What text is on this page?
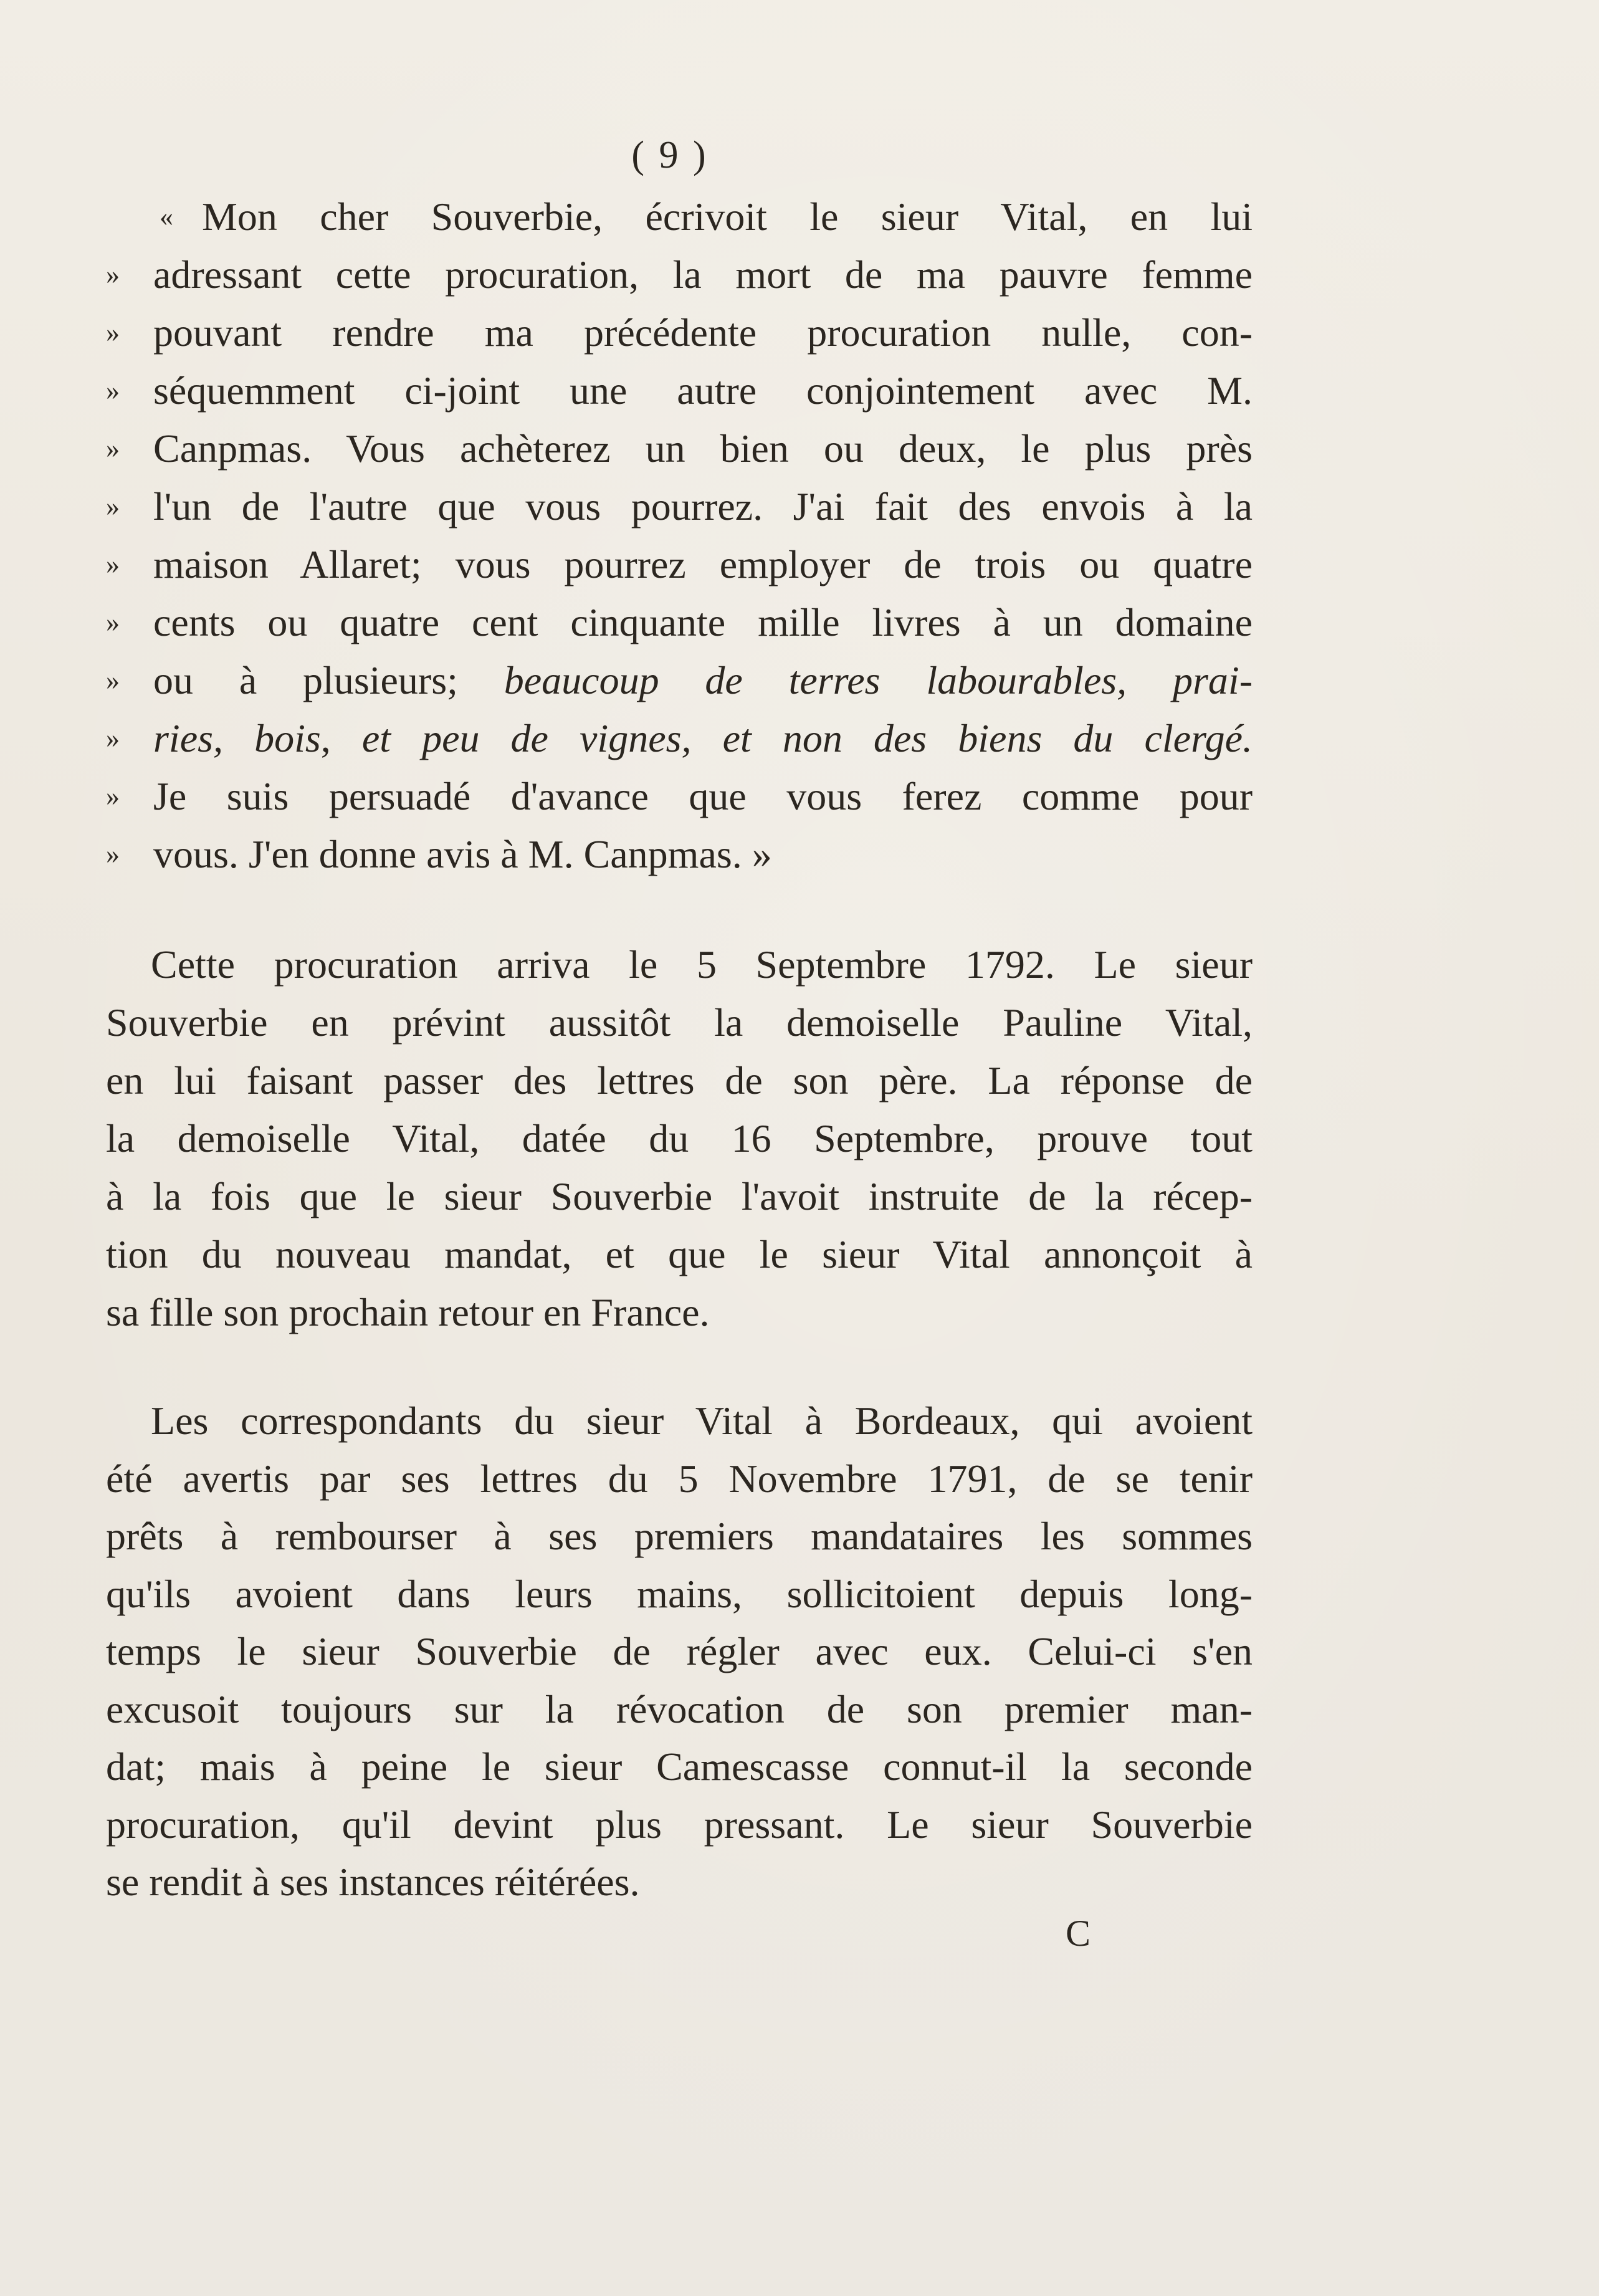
( 9 )
« Mon cher Souverbie, écrivoit le sieur Vital, en lui
» adressant cette procuration, la mort de ma pauvre femme
» pouvant rendre ma précédente procuration nulle, con-
» séquemment ci-joint une autre conjointement avec M.
» Canpmas. Vous achèterez un bien ou deux, le plus près
» l'un de l'autre que vous pourrez. J'ai fait des envois à la
» maison Allaret; vous pourrez employer de trois ou quatre
» cents ou quatre cent cinquante mille livres à un domaine
» ou à plusieurs; beaucoup de terres labourables, prai-
» ries, bois, et peu de vignes, et non des biens du clergé.
» Je suis persuadé d'avance que vous ferez comme pour
» vous. J'en donne avis à M. Canpmas. »
Cette procuration arriva le 5 Septembre 1792. Le sieur
Souverbie en prévint aussitôt la demoiselle Pauline Vital,
en lui faisant passer des lettres de son père. La réponse de
la demoiselle Vital, datée du 16 Septembre, prouve tout
à la fois que le sieur Souverbie l'avoit instruite de la récep-
tion du nouveau mandat, et que le sieur Vital annonçoit à
sa fille son prochain retour en France.
Les correspondants du sieur Vital à Bordeaux, qui avoient
été avertis par ses lettres du 5 Novembre 1791, de se tenir
prêts à rembourser à ses premiers mandataires les sommes
qu'ils avoient dans leurs mains, sollicitoient depuis long-
temps le sieur Souverbie de régler avec eux. Celui-ci s'en
excusoit toujours sur la révocation de son premier man-
dat; mais à peine le sieur Camescasse connut-il la seconde
procuration, qu'il devint plus pressant. Le sieur Souverbie
se rendit à ses instances réitérées.
C
